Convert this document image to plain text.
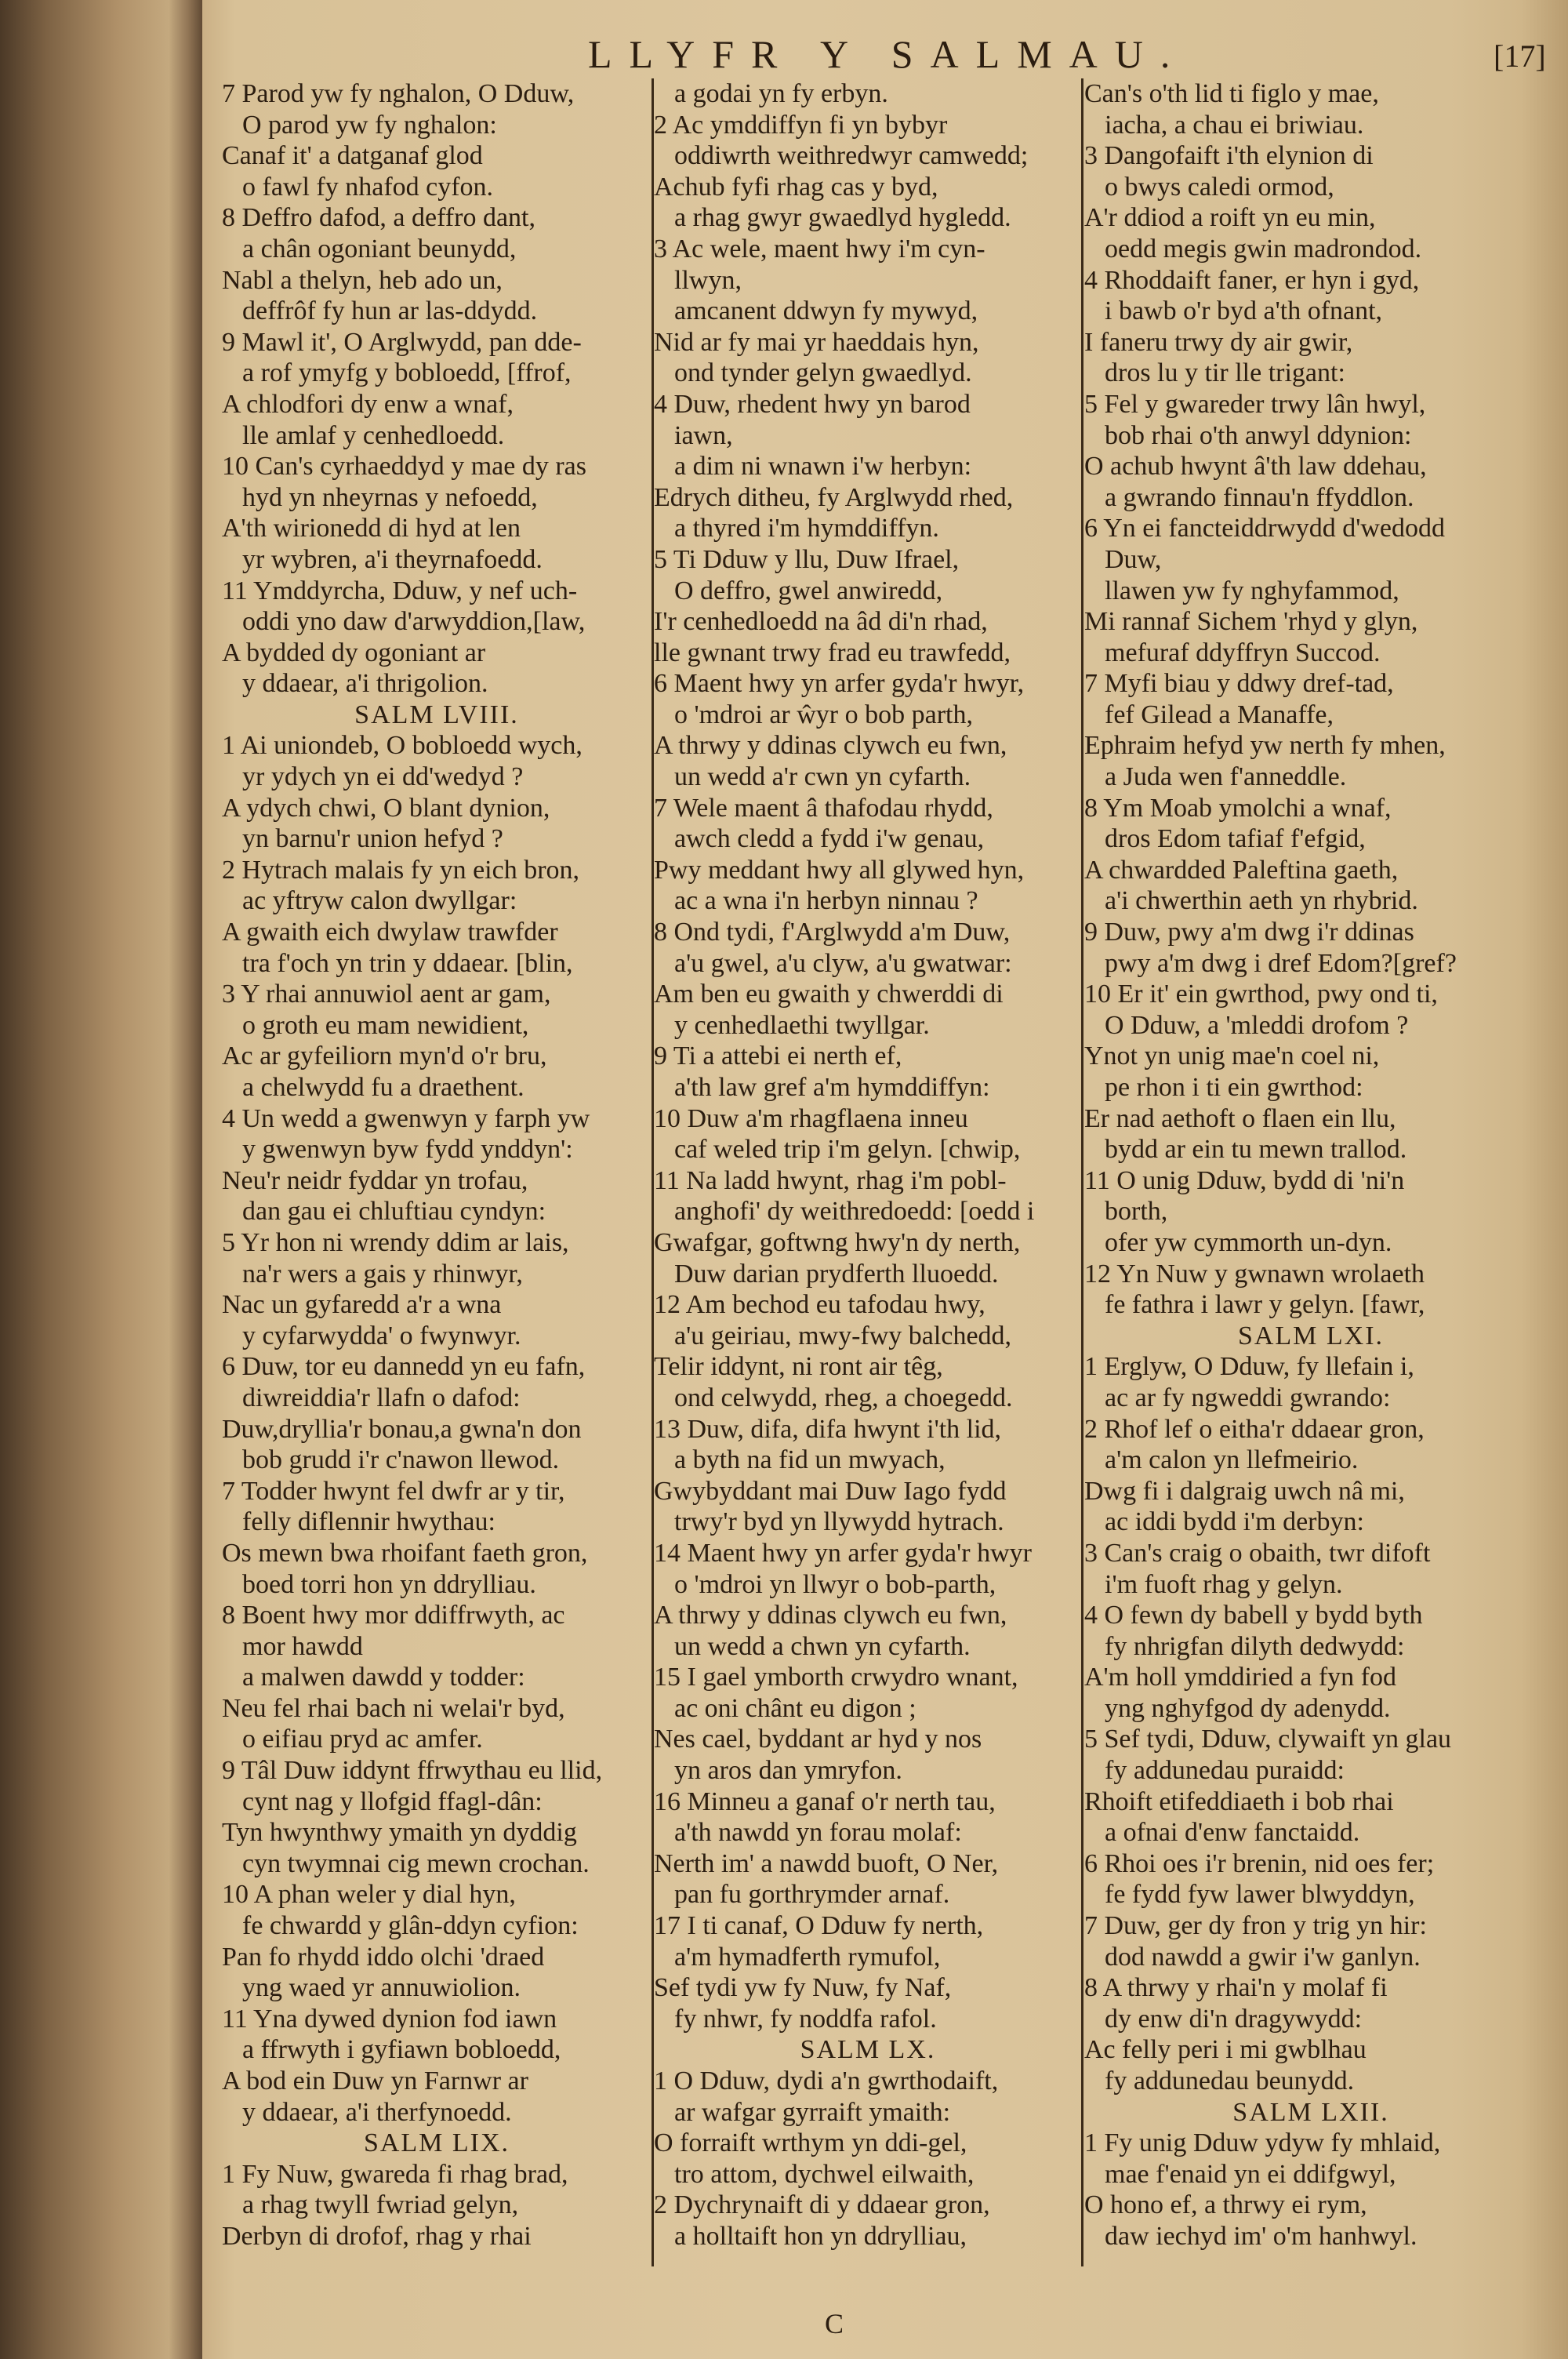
LLYFR Y SALMAU.	[17]
7 Parod yw fy nghalon, O Dduw,
O parod yw fy nghalon:
Canaf it' a datganaf glod
o fawl fy nhafod cyfon.
8 Deffro dafod, a deffro dant,
a chân ogoniant beunydd,
Nabl a thelyn, heb ado un,
deffrôf fy hun ar las-ddydd.
9 Mawl it', O Arglwydd, pan dde-
a rof ymyfg y bobloedd, [ffrof,
A chlodfori dy enw a wnaf,
lle amlaf y cenhedloedd.
10 Can's cyrhaeddyd y mae dy ras
hyd yn nheyrnas y nefoedd,
A'th wirionedd di hyd at len
yr wybren, a'i theyrnafoedd.
11 Ymddyrcha, Dduw, y nef uch-
oddi yno daw d'arwyddion,[law,
A bydded dy ogoniant ar
y ddaear, a'i thrigolion.
SALM LVIII.
1 Ai uniondeb, O bobloedd wych,
yr ydych yn ei dd'wedyd ?
A ydych chwi, O blant dynion,
yn barnu'r union hefyd ?
2 Hytrach malais fy yn eich bron,
ac yftryw calon dwyllgar:
A gwaith eich dwylaw trawfder
tra f'och yn trin y ddaear. [blin,
3 Y rhai annuwiol aent ar gam,
o groth eu mam newidient,
Ac ar gyfeiliorn myn'd o'r bru,
a chelwydd fu a draethent.
4 Un wedd a gwenwyn y farph yw
y gwenwyn byw fydd ynddyn':
Neu'r neidr fyddar yn trofau,
dan gau ei chluftiau cyndyn:
5 Yr hon ni wrendy ddim ar lais,
na'r wers a gais y rhinwyr,
Nac un gyfaredd a'r a wna
y cyfarwydda' o fwynwyr.
6 Duw, tor eu dannedd yn eu fafn,
diwreiddia'r llafn o dafod:
Duw,dryllia'r bonau,a gwna'n don
bob grudd i'r c'nawon llewod.
7 Todder hwynt fel dwfr ar y tir,
felly diflennir hwythau:
Os mewn bwa rhoifant faeth gron,
boed torri hon yn ddrylliau.
8 Boent hwy mor ddiffrwyth, ac
mor hawdd
a malwen dawdd y todder:
Neu fel rhai bach ni welai'r byd,
o eifiau pryd ac amfer.
9 Tâl Duw iddynt ffrwythau eu llid,
cynt nag y llofgid ffagl-dân:
Tyn hwynthwy ymaith yn dyddig
cyn twymnai cig mewn crochan.
10 A phan weler y dial hyn,
fe chwardd y glân-ddyn cyfion:
Pan fo rhydd iddo olchi 'draed
yng waed yr annuwiolion.
11 Yna dywed dynion fod iawn
a ffrwyth i gyfiawn bobloedd,
A bod ein Duw yn Farnwr ar
y ddaear, a'i therfynoedd.
SALM LIX.
1 Fy Nuw, gwareda fi rhag brad,
a rhag twyll fwriad gelyn,
Derbyn di drofof, rhag y rhai
a godai yn fy erbyn.
2 Ac ymddiffyn fi yn bybyr
oddiwrth weithredwyr camwedd;
Achub fyfi rhag cas y byd,
a rhag gwyr gwaedlyd hygledd.
3 Ac wele, maent hwy i'm cyn-
llwyn,
amcanent ddwyn fy mywyd,
Nid ar fy mai yr haeddais hyn,
ond tynder gelyn gwaedlyd.
4 Duw, rhedent hwy yn barod
iawn,
a dim ni wnawn i'w herbyn:
Edrych ditheu, fy Arglwydd rhed,
a thyred i'm hymddiffyn.
5 Ti Dduw y llu, Duw Ifrael,
O deffro, gwel anwiredd,
I'r cenhedloedd na âd di'n rhad,
lle gwnant trwy frad eu trawfedd,
6 Maent hwy yn arfer gyda'r hwyr,
o 'mdroi ar ŵyr o bob parth,
A thrwy y ddinas clywch eu fwn,
un wedd a'r cwn yn cyfarth.
7 Wele maent â thafodau rhydd,
awch cledd a fydd i'w genau,
Pwy meddant hwy all glywed hyn,
ac a wna i'n herbyn ninnau ?
8 Ond tydi, f'Arglwydd a'm Duw,
a'u gwel, a'u clyw, a'u gwatwar:
Am ben eu gwaith y chwerddi di
y cenhedlaethi twyllgar.
9 Ti a attebi ei nerth ef,
a'th law gref a'm hymddiffyn:
10 Duw a'm rhagflaena inneu
caf weled trip i'm gelyn. [chwip,
11 Na ladd hwynt, rhag i'm pobl-
anghofi' dy weithredoedd: [oedd i
Gwafgar, goftwng hwy'n dy nerth,
Duw darian prydferth lluoedd.
12 Am bechod eu tafodau hwy,
a'u geiriau, mwy-fwy balchedd,
Telir iddynt, ni ront air têg,
ond celwydd, rheg, a choegedd.
13 Duw, difa, difa hwynt i'th lid,
a byth na fid un mwyach,
Gwybyddant mai Duw Iago fydd
trwy'r byd yn llywydd hytrach.
14 Maent hwy yn arfer gyda'r hwyr
o 'mdroi yn llwyr o bob-parth,
A thrwy y ddinas clywch eu fwn,
un wedd a chwn yn cyfarth.
15 I gael ymborth crwydro wnant,
ac oni chânt eu digon ;
Nes cael, byddant ar hyd y nos
yn aros dan ymryfon.
16 Minneu a ganaf o'r nerth tau,
a'th nawdd yn forau molaf:
Nerth im' a nawdd buoft, O Ner,
pan fu gorthrymder arnaf.
17 I ti canaf, O Dduw fy nerth,
a'm hymadferth rymufol,
Sef tydi yw fy Nuw, fy Naf,
fy nhwr, fy noddfa rafol.
SALM LX.
1 O Dduw, dydi a'n gwrthodaift,
ar wafgar gyrraift ymaith:
O forraift wrthym yn ddi-gel,
tro attom, dychwel eilwaith,
2 Dychrynaift di y ddaear gron,
a holltaift hon yn ddrylliau,
Can's o'th lid ti figlo y mae,
iacha, a chau ei briwiau.
3 Dangofaift i'th elynion di
o bwys caledi ormod,
A'r ddiod a roift yn eu min,
oedd megis gwin madrondod.
4 Rhoddaift faner, er hyn i gyd,
i bawb o'r byd a'th ofnant,
I faneru trwy dy air gwir,
dros lu y tir lle trigant:
5 Fel y gwareder trwy lân hwyl,
bob rhai o'th anwyl ddynion:
O achub hwynt â'th law ddehau,
a gwrando finnau'n ffyddlon.
6 Yn ei fancteiddrwydd d'wedodd
Duw,
llawen yw fy nghyfammod,
Mi rannaf Sichem 'rhyd y glyn,
mefuraf ddyffryn Succod.
7 Myfi biau y ddwy dref-tad,
fef Gilead a Manaffe,
Ephraim hefyd yw nerth fy mhen,
a Juda wen f'anneddle.
8 Ym Moab ymolchi a wnaf,
dros Edom tafiaf f'efgid,
A chwardded Paleftina gaeth,
a'i chwerthin aeth yn rhybrid.
9 Duw, pwy a'm dwg i'r ddinas
pwy a'm dwg i dref Edom?[gref?
10 Er it' ein gwrthod, pwy ond ti,
O Dduw, a 'mleddi drofom ?
Ynot yn unig mae'n coel ni,
pe rhon i ti ein gwrthod:
Er nad aethoft o flaen ein llu,
bydd ar ein tu mewn trallod.
11 O unig Dduw, bydd di 'ni'n
borth,
ofer yw cymmorth un-dyn.
12 Yn Nuw y gwnawn wrolaeth
fe fathra i lawr y gelyn. [fawr,
SALM LXI.
1 Erglyw, O Dduw, fy llefain i,
ac ar fy ngweddi gwrando:
2 Rhof lef o eitha'r ddaear gron,
a'm calon yn llefmeirio.
Dwg fi i dalgraig uwch nâ mi,
ac iddi bydd i'm derbyn:
3 Can's craig o obaith, twr difoft
i'm fuoft rhag y gelyn.
4 O fewn dy babell y bydd byth
fy nhrigfan dilyth dedwydd:
A'm holl ymddiried a fyn fod
yng nghyfgod dy adenydd.
5 Sef tydi, Dduw, clywaift yn glau
fy addunedau puraidd:
Rhoift etifeddiaeth i bob rhai
a ofnai d'enw fanctaidd.
6 Rhoi oes i'r brenin, nid oes fer;
fe fydd fyw lawer blwyddyn,
7 Duw, ger dy fron y trig yn hir:
dod nawdd a gwir i'w ganlyn.
8 A thrwy y rhai'n y molaf fi
dy enw di'n dragywydd:
Ac felly peri i mi gwblhau
fy addunedau beunydd.
SALM LXII.
1 Fy unig Dduw ydyw fy mhlaid,
mae f'enaid yn ei ddifgwyl,
O hono ef, a thrwy ei rym,
daw iechyd im' o'm hanhwyl.
C
